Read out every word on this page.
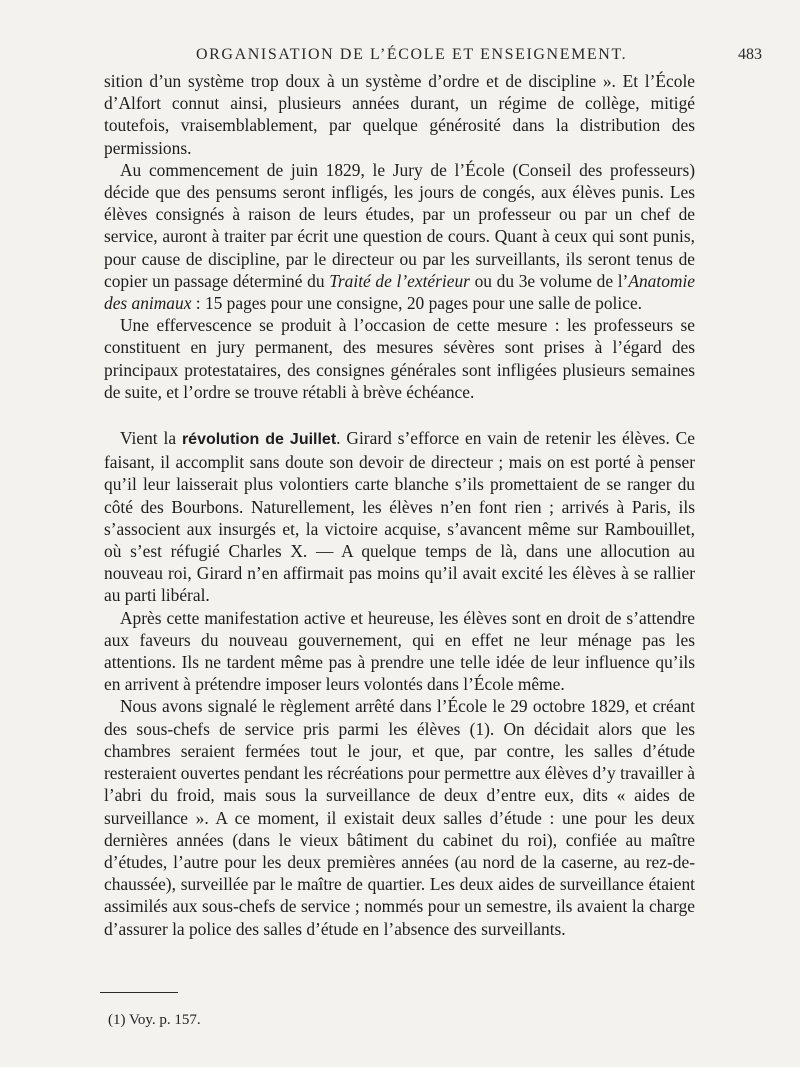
ORGANISATION DE L’ÉCOLE ET ENSEIGNEMENT.	483

sition d’un système trop doux à un système d’ordre et de discipline ». Et l’École d’Alfort connut ainsi, plusieurs années durant, un régime de collège, mitigé toutefois, vraisemblablement, par quelque générosité dans la distribution des permissions.

Au commencement de juin 1829, le Jury de l’École (Conseil des professeurs) décide que des pensums seront infligés, les jours de congés, aux élèves punis. Les élèves consignés à raison de leurs études, par un professeur ou par un chef de service, auront à traiter par écrit une question de cours. Quant à ceux qui sont punis, pour cause de discipline, par le directeur ou par les surveillants, ils seront tenus de copier un passage déterminé du Traité de l’extérieur ou du 3e volume de l’Anatomie des animaux : 15 pages pour une consigne, 20 pages pour une salle de police.

Une effervescence se produit à l’occasion de cette mesure : les professeurs se constituent en jury permanent, des mesures sévères sont prises à l’égard des principaux protestataires, des consignes générales sont infligées plusieurs semaines de suite, et l’ordre se trouve rétabli à brève échéance.

Vient la révolution de Juillet. Girard s’efforce en vain de retenir les élèves. Ce faisant, il accomplit sans doute son devoir de directeur ; mais on est porté à penser qu’il leur laisserait plus volontiers carte blanche s’ils promettaient de se ranger du côté des Bourbons. Naturellement, les élèves n’en font rien ; arrivés à Paris, ils s’associent aux insurgés et, la victoire acquise, s’avancent même sur Rambouillet, où s’est réfugié Charles X. — A quelque temps de là, dans une allocution au nouveau roi, Girard n’en affirmait pas moins qu’il avait excité les élèves à se rallier au parti libéral.

Après cette manifestation active et heureuse, les élèves sont en droit de s’attendre aux faveurs du nouveau gouvernement, qui en effet ne leur ménage pas les attentions. Ils ne tardent même pas à prendre une telle idée de leur influence qu’ils en arrivent à prétendre imposer leurs volontés dans l’École même.

Nous avons signalé le règlement arrêté dans l’École le 29 octobre 1829, et créant des sous-chefs de service pris parmi les élèves (1). On décidait alors que les chambres seraient fermées tout le jour, et que, par contre, les salles d’étude resteraient ouvertes pendant les récréations pour permettre aux élèves d’y travailler à l’abri du froid, mais sous la surveillance de deux d’entre eux, dits « aides de surveillance ». A ce moment, il existait deux salles d’étude : une pour les deux dernières années (dans le vieux bâtiment du cabinet du roi), confiée au maître d’études, l’autre pour les deux premières années (au nord de la caserne, au rez-de-chaussée), surveillée par le maître de quartier. Les deux aides de surveillance étaient assimilés aux sous-chefs de service ; nommés pour un semestre, ils avaient la charge d’assurer la police des salles d’étude en l’absence des surveillants.

(1) Voy. p. 157.
